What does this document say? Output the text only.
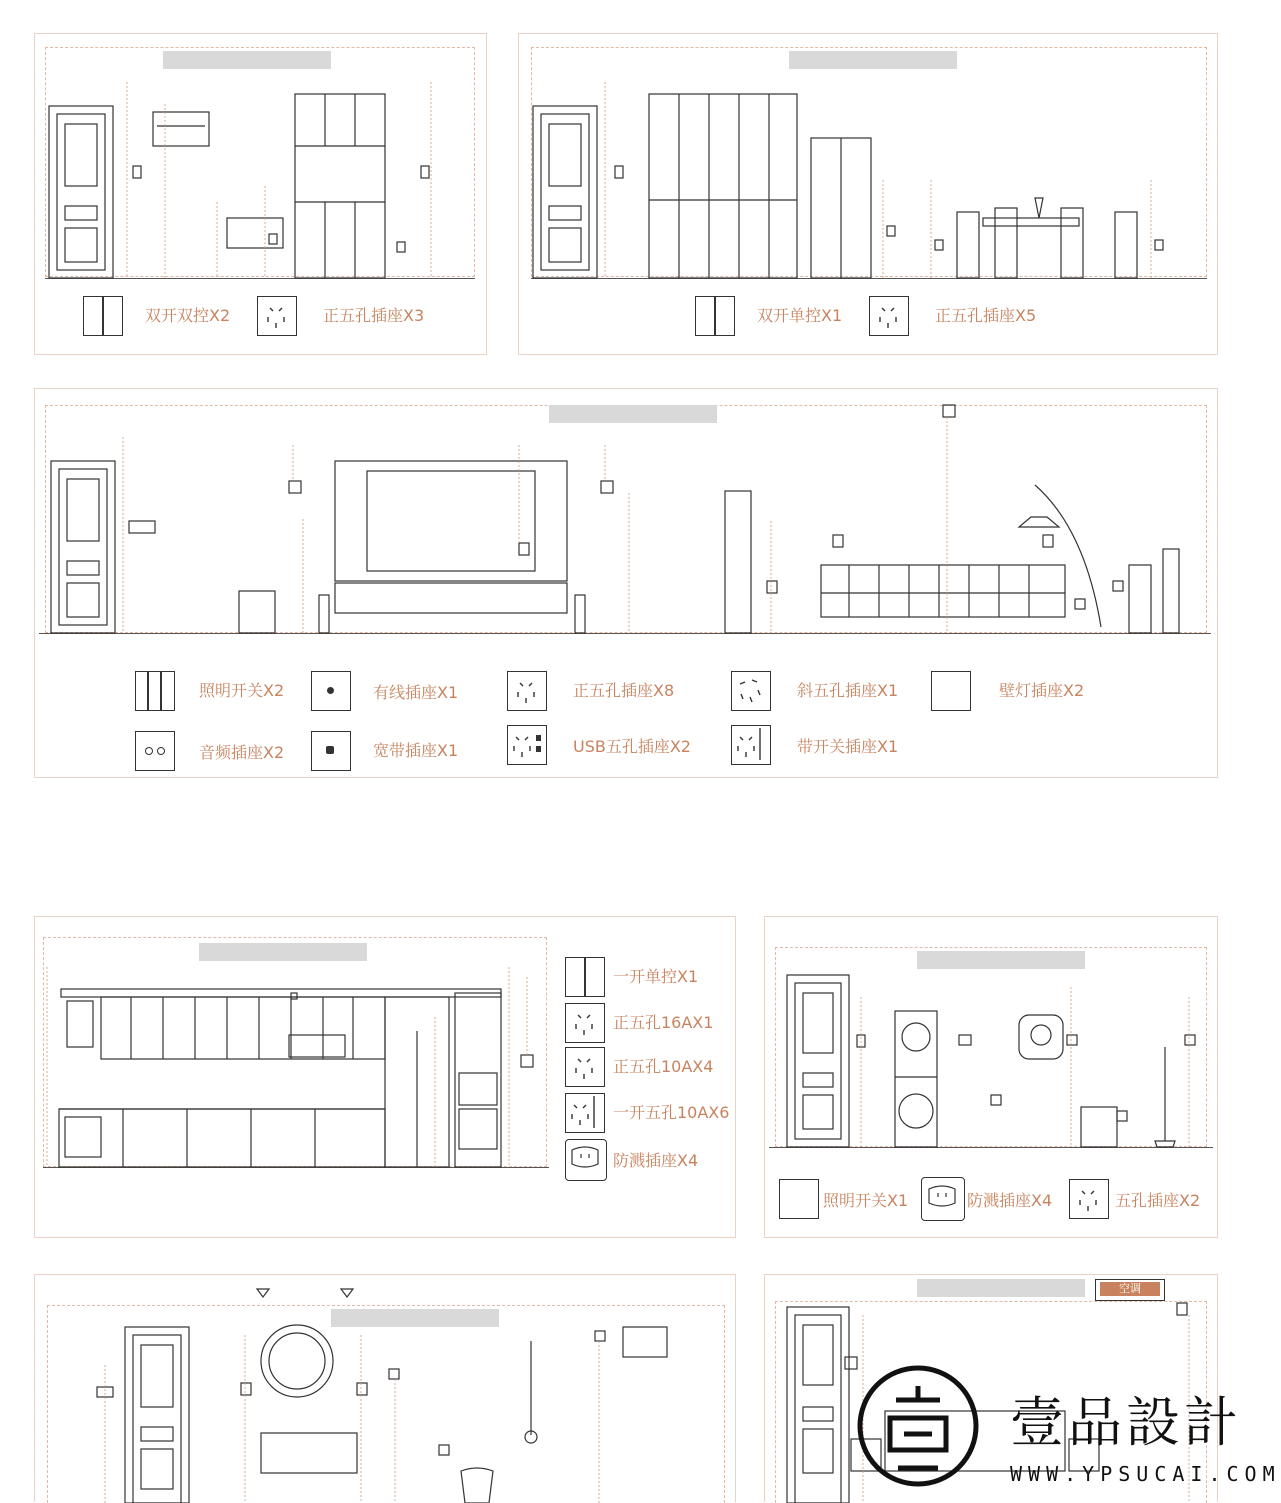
双开双控X2	正五孔插座X3	双开单控X1	正五孔插座X5
照明开关X2	有线插座X1	正五孔插座X8	斜五孔插座X1	壁灯插座X2
音频插座X2	宽带插座X1	USB五孔插座X2	带开关插座X1
一开单控X1
正五孔16AX1
正五孔10AX4
一开五孔10AX6
防溅插座X4
照明开关X1	防溅插座X4	五孔插座X2
空调
壹品設計
WWW.YPSUCAI.COM
